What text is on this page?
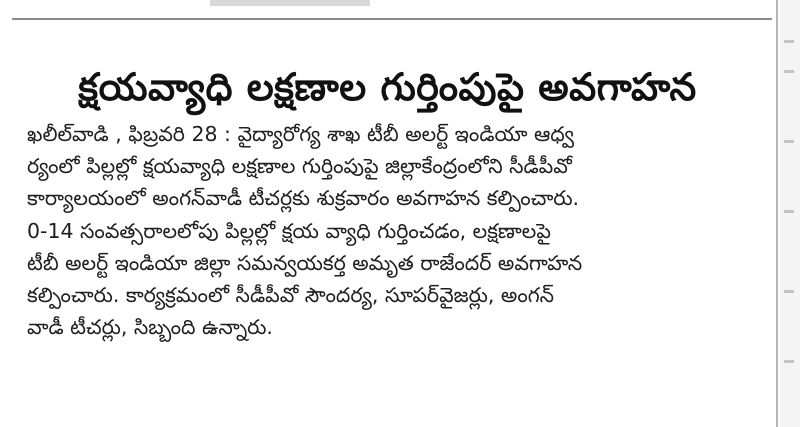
క్షయవ్యాధి లక్షణాల గుర్తింపుపై అవగాహన
ఖలీల్‌వాడి , ఫిబ్రవరి 28 : వైద్యారోగ్య శాఖ టీబీ అలర్ట్ ఇండియా ఆధ్వ
ర్యంలో పిల్లల్లో క్షయవ్యాధి లక్షణాల గుర్తింపుపై జిల్లాకేంద్రంలోని సీడీపీవో
కార్యాలయంలో అంగన్‌వాడీ టీచర్లకు శుక్రవారం అవగాహన కల్పించారు.
0-14 సంవత్సరాలలోపు పిల్లల్లో క్షయ వ్యాధి గుర్తించడం, లక్షణాలపై
టీబీ అలర్ట్ ఇండియా జిల్లా సమన్వయకర్త అమృత రాజేందర్ అవగాహన
కల్పించారు. కార్యక్రమంలో సీడీపీవో సౌందర్య, సూపర్‌వైజర్లు, అంగన్
వాడీ టీచర్లు, సిబ్బంది ఉన్నారు.
